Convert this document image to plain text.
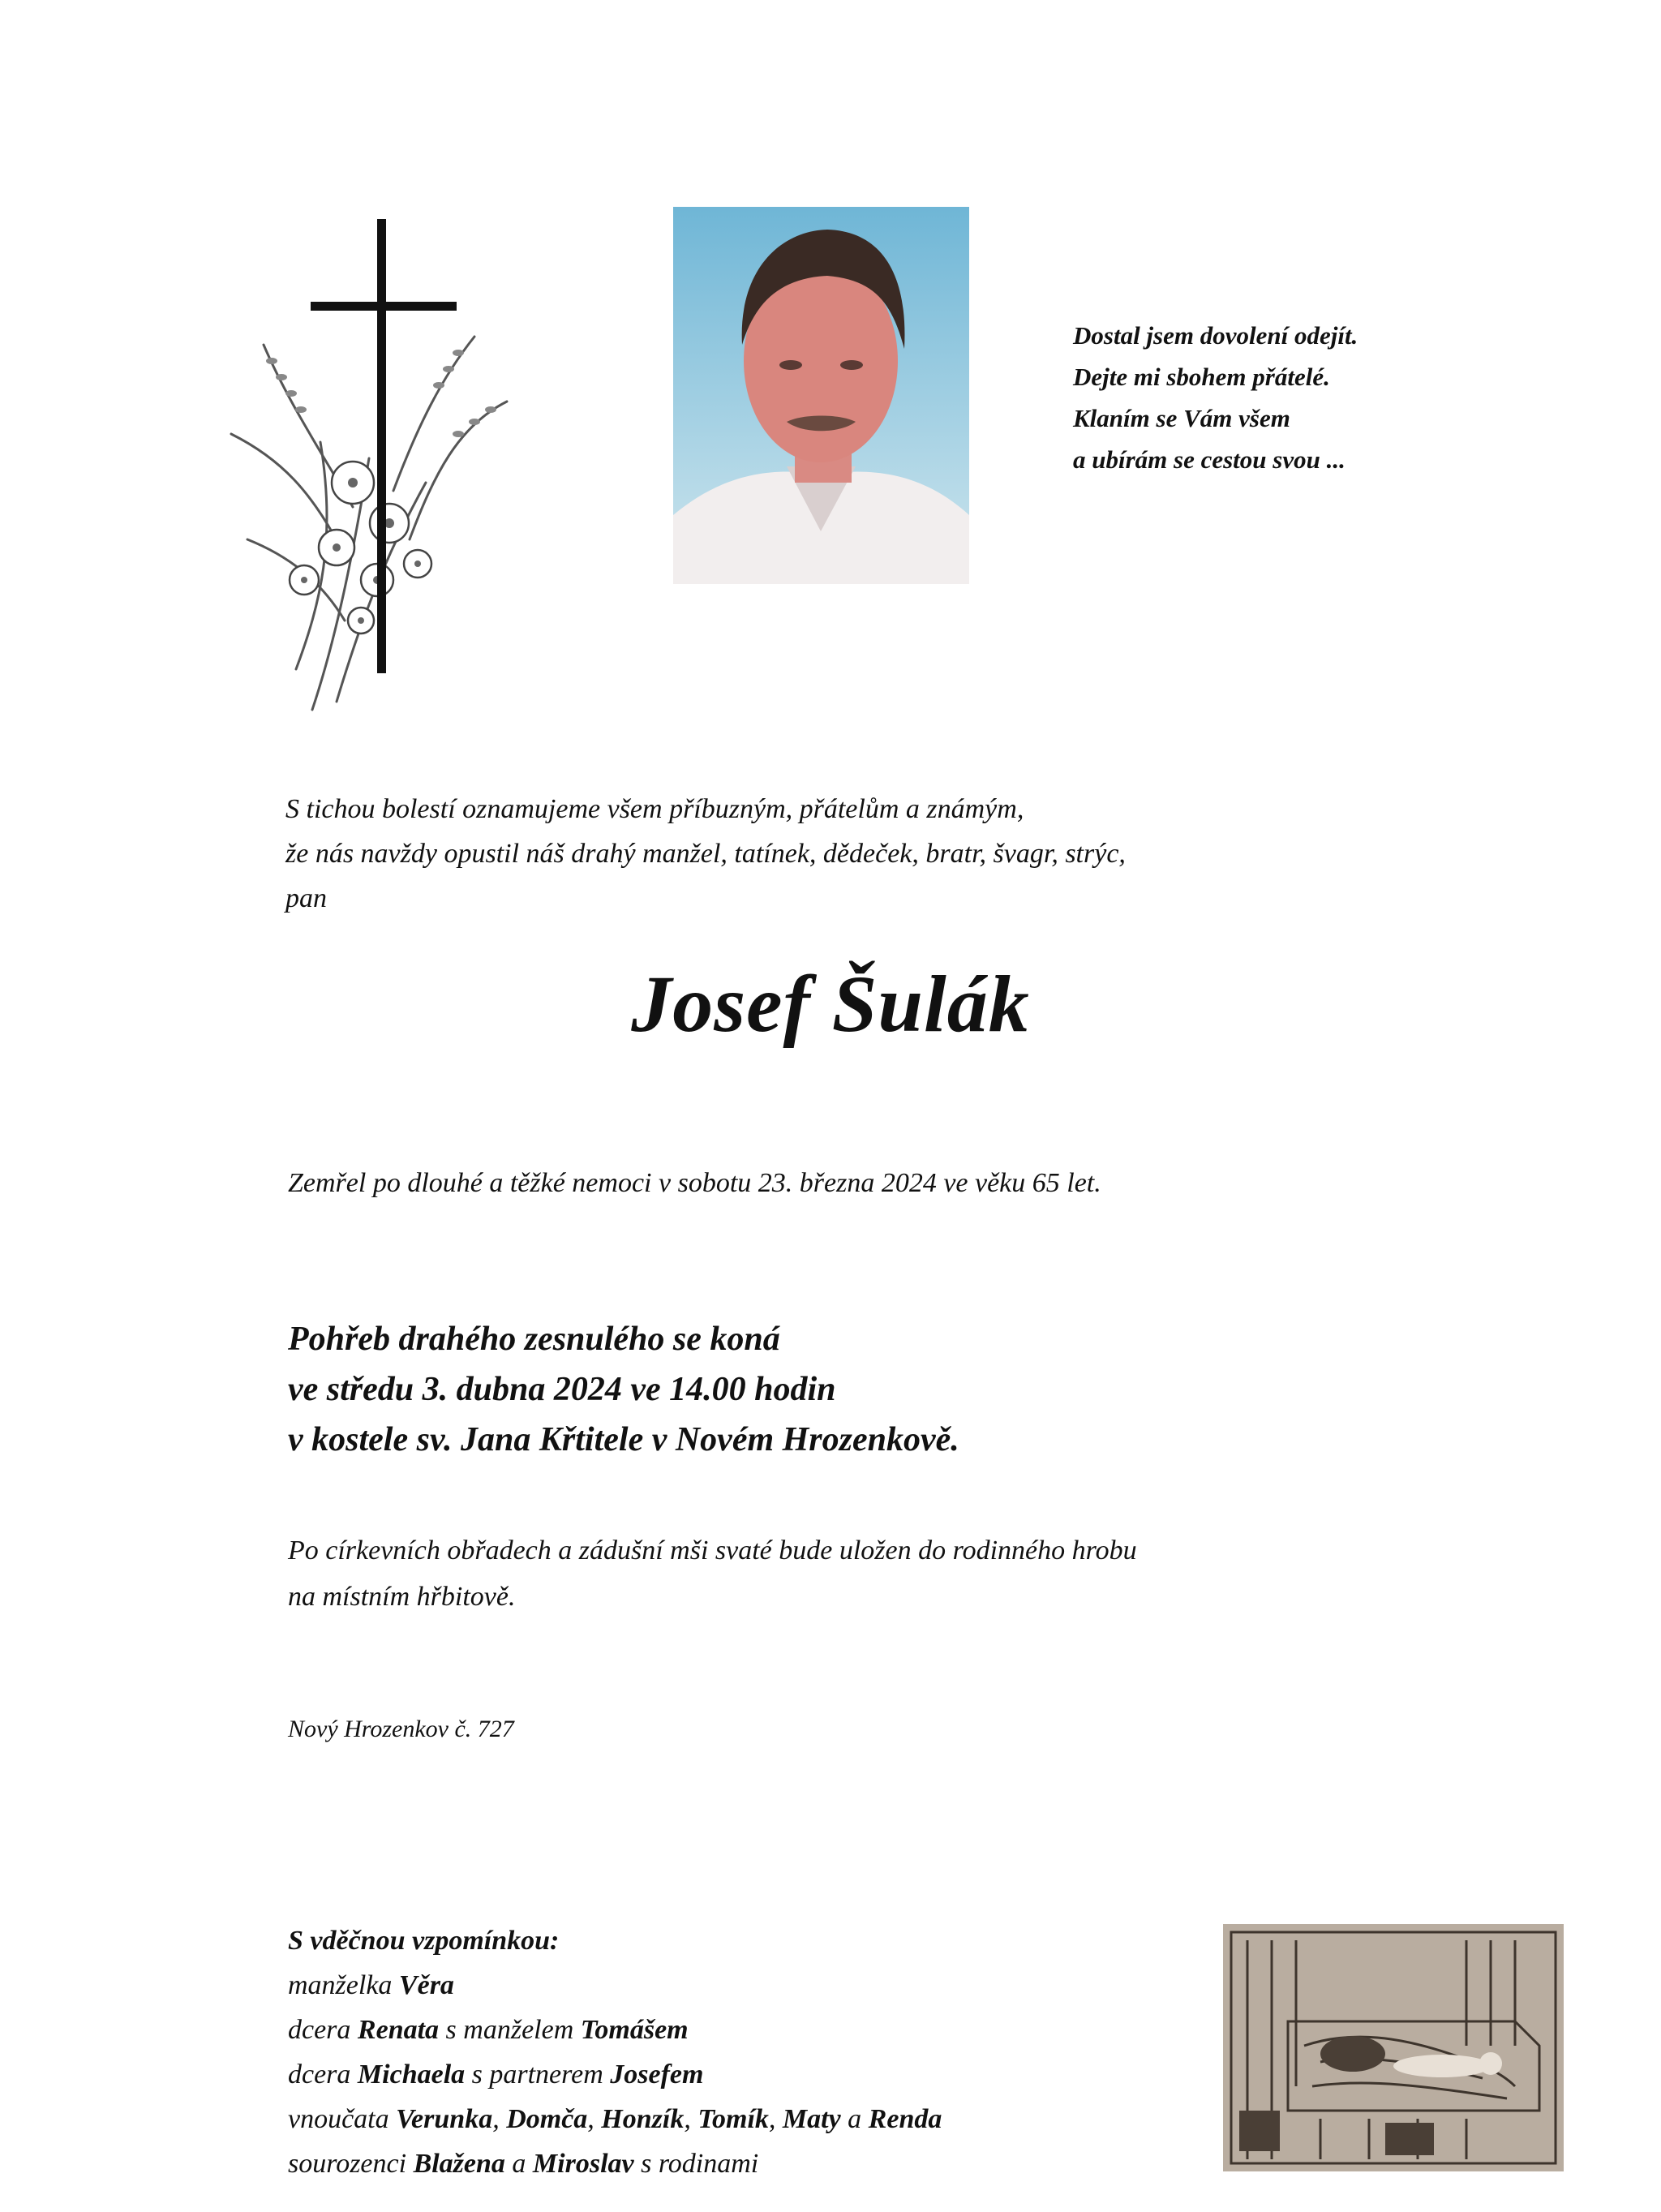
Dostal jsem dovolení odejít.
Dejte mi sbohem přátelé.
Klaním se Vám všem
a ubírám se cestou svou ...
S tichou bolestí oznamujeme všem příbuzným, přátelům a známým,
že nás navždy opustil náš drahý manžel, tatínek, dědeček, bratr, švagr, strýc,
pan
Josef Šulák
Zemřel po dlouhé a těžké nemoci v sobotu 23. března 2024 ve věku 65 let.
Pohřeb drahého zesnulého se koná
ve středu 3. dubna 2024 ve 14.00 hodin
v kostele sv. Jana Křtitele v Novém Hrozenkově.
Po církevních obřadech a zádušní mši svaté bude uložen do rodinného hrobu
na místním hřbitově.
Nový Hrozenkov č. 727
S vděčnou vzpomínkou:
manželka Věra
dcera Renata s manželem Tomášem
dcera Michaela s partnerem Josefem
vnoučata Verunka, Domča, Honzík, Tomík, Maty a Renda
sourozenci Blažena a Miroslav s rodinami
